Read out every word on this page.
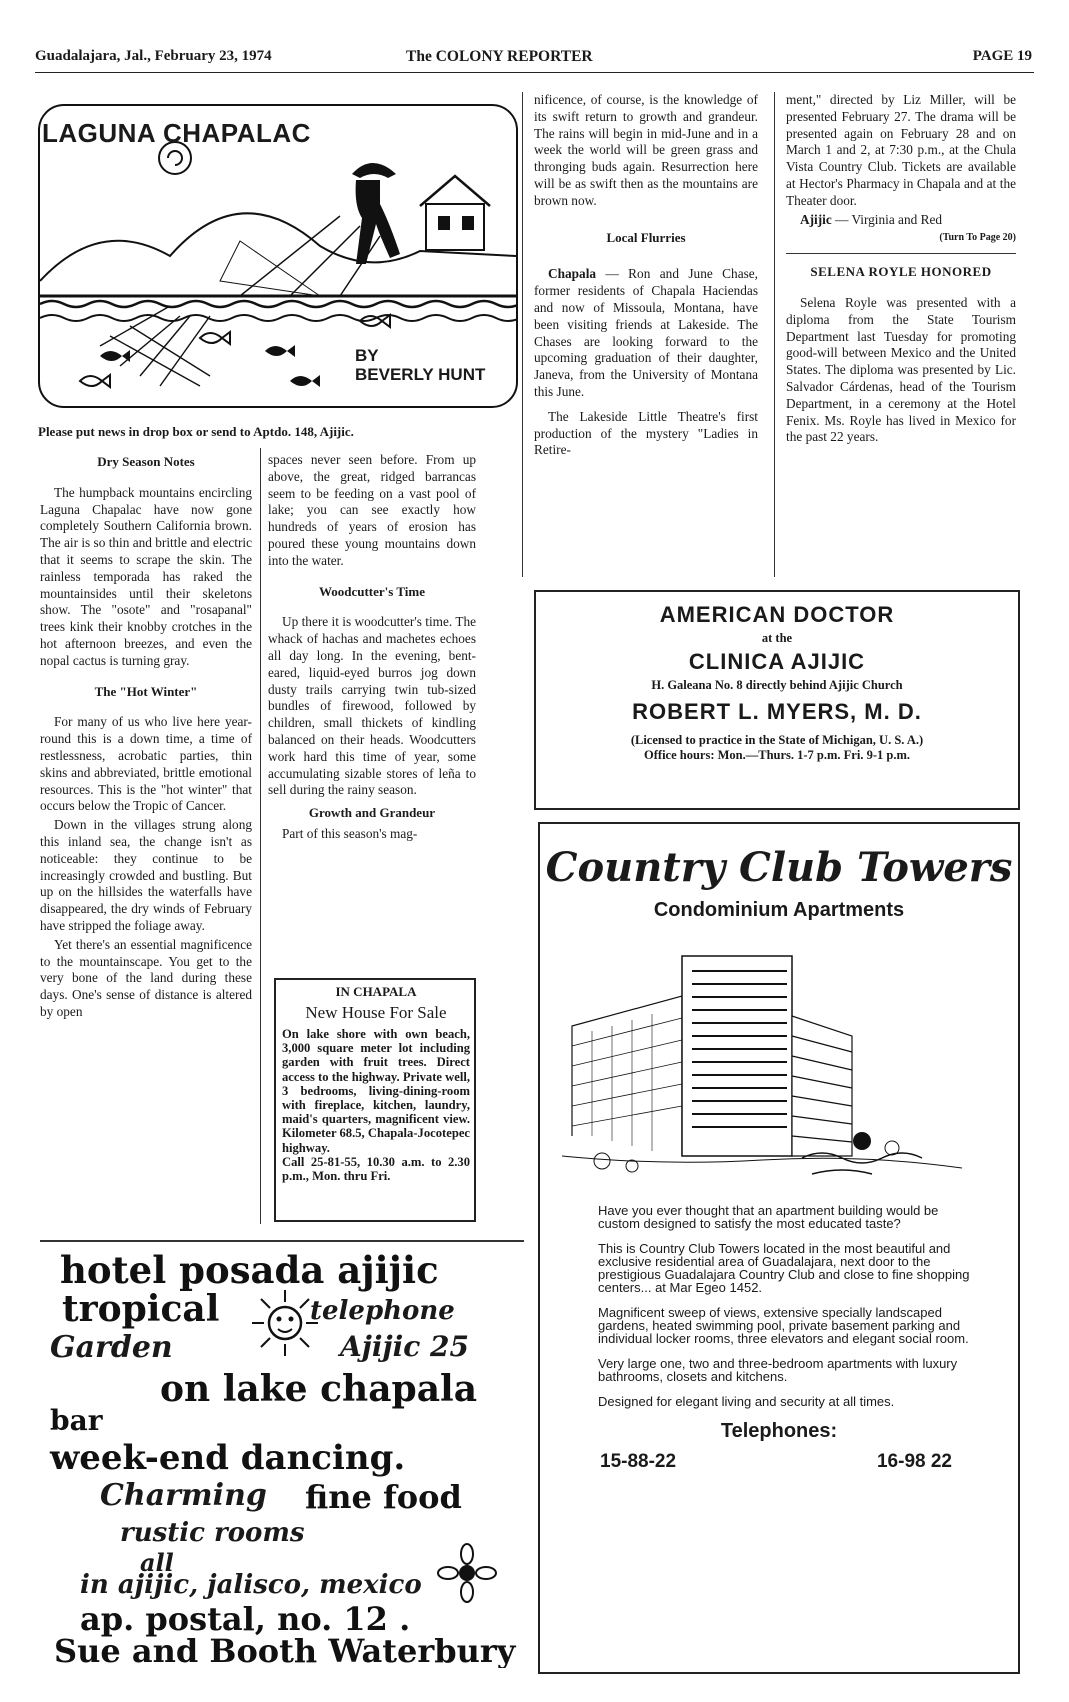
Guadalajara, Jal., February 23, 1974	The COLONY REPORTER	PAGE 19
LAGUNA CHAPALAC
BY
BEVERLY HUNT
Please put news in drop box or send to Aptdo. 148, Ajijic.
Dry Season Notes

The humpback mountains encircling Laguna Chapalac have now gone completely Southern California brown. The air is so thin and brittle and electric that it seems to scrape the skin. The rainless temporada has raked the mountainsides until their skeletons show. The "osote" and "rosapanal" trees kink their knobby crotches in the hot afternoon breezes, and even the nopal cactus is turning gray.

The "Hot Winter"

For many of us who live here year-round this is a down time, a time of restlessness, acrobatic parties, thin skins and abbreviated, brittle emotional resources. This is the "hot winter" that occurs below the Tropic of Cancer.

Down in the villages strung along this inland sea, the change isn't as noticeable: they continue to be increasingly crowded and bustling. But up on the hillsides the waterfalls have disappeared, the dry winds of February have stripped the foliage away.

Yet there's an essential magnificence to the mountainscape. You get to the very bone of the land during these days. One's sense of distance is altered by open

spaces never seen before. From up above, the great, ridged barrancas seem to be feeding on a vast pool of lake; you can see exactly how hundreds of years of erosion has poured these young mountains down into the water.

Woodcutter's Time

Up there it is woodcutter's time. The whack of hachas and machetes echoes all day long. In the evening, bent-eared, liquid-eyed burros jog down dusty trails carrying twin tub-sized bundles of firewood, followed by children, small thickets of kindling balanced on their heads. Woodcutters work hard this time of year, some accumulating sizable stores of leña to sell during the rainy season.

Growth and Grandeur

Part of this season's mag-

IN CHAPALA
New House For Sale
On lake shore with own beach, 3,000 square meter lot including garden with fruit trees. Direct access to the highway. Private well, 3 bedrooms, living-dining-room with fireplace, kitchen, laundry, maid's quarters, magnificent view. Kilometer 68.5, Chapala-Jocotepec highway.
Call 25-81-55, 10.30 a.m. to 2.30 p.m., Mon. thru Fri.

nificence, of course, is the knowledge of its swift return to growth and grandeur. The rains will begin in mid-June and in a week the world will be green grass and thronging buds again. Resurrection here will be as swift then as the mountains are brown now.

Local Flurries

Chapala — Ron and June Chase, former residents of Chapala Haciendas and now of Missoula, Montana, have been visiting friends at Lakeside. The Chases are looking forward to the upcoming graduation of their daughter, Janeva, from the University of Montana this June.

The Lakeside Little Theatre's first production of the mystery "Ladies in Retire-

ment," directed by Liz Miller, will be presented February 27. The drama will be presented again on February 28 and on March 1 and 2, at 7:30 p.m., at the Chula Vista Country Club. Tickets are available at Hector's Pharmacy in Chapala and at the Theater door.

Ajijic — Virginia and Red

(Turn To Page 20)
SELENA ROYLE HONORED

Selena Royle was presented with a diploma from the State Tourism Department last Tuesday for promoting good-will between Mexico and the United States. The diploma was presented by Lic. Salvador Cárdenas, head of the Tourism Department, in a ceremony at the Hotel Fenix. Ms. Royle has lived in Mexico for the past 22 years.

AMERICAN DOCTOR
at the
CLINICA AJIJIC
H. Galeana No. 8 directly behind Ajijic Church
ROBERT L. MYERS, M. D.
(Licensed to practice in the State of Michigan, U. S. A.)
Office hours: Mon.—Thurs. 1-7 p.m. Fri. 9-1 p.m.
Country Club Towers
Condominium Apartments

Have you ever thought that an apartment building would be custom designed to satisfy the most educated taste?

This is Country Club Towers located in the most beautiful and exclusive residential area of Guadalajara, next door to the prestigious Guadalajara Country Club and close to fine shopping centers... at Mar Egeo 1452.

Magnificent sweep of views, extensive specially landscaped gardens, heated swimming pool, private basement parking and individual locker rooms, three elevators and elegant social room.

Very large one, two and three-bedroom apartments with luxury bathrooms, closets and kitchens.

Designed for elegant living and security at all times.

Telephones:
15-88-22	16-98 22
hotel posada ajijic
tropical	telephone
Garden	Ajijic 25
on lake chapala
bar
week-end dancing.
Charming fine food
rustic rooms
all
in ajijic, jalisco, mexico
ap. postal, no. 12 .
Sue and Booth Waterbury
